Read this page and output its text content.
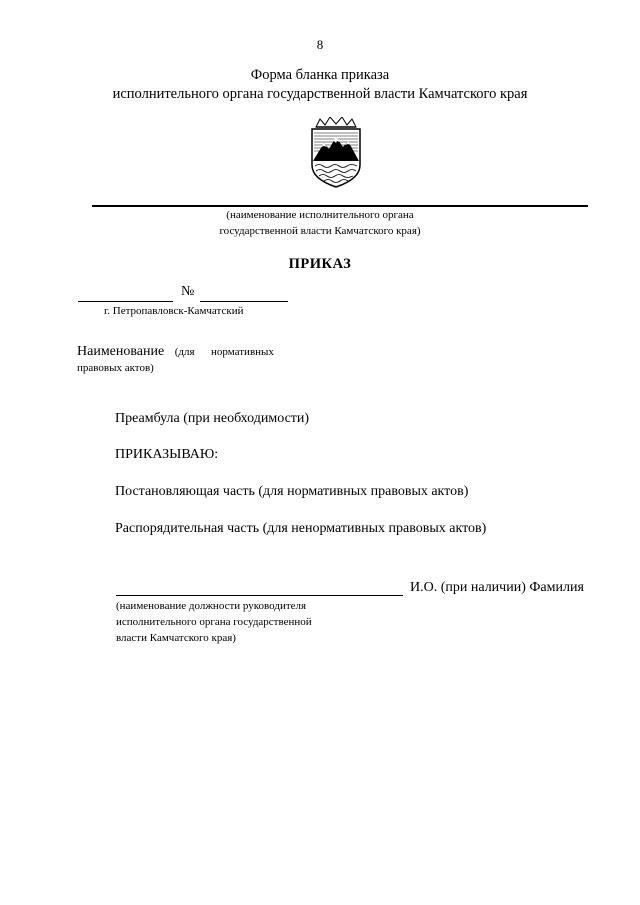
8
Форма бланка приказа
исполнительного органа государственной власти Камчатского края
(наименование исполнительного органа
государственной власти Камчатского края)
ПРИКАЗ
№
г. Петропавловск-Камчатский
Наименование (для      нормативных
правовых актов)
Преамбула (при необходимости)
ПРИКАЗЫВАЮ:
Постановляющая часть (для нормативных правовых актов)
Распорядительная часть (для ненормативных правовых актов)
И.О. (при наличии) Фамилия
(наименование должности руководителя
исполнительного органа государственной
власти Камчатского края)
